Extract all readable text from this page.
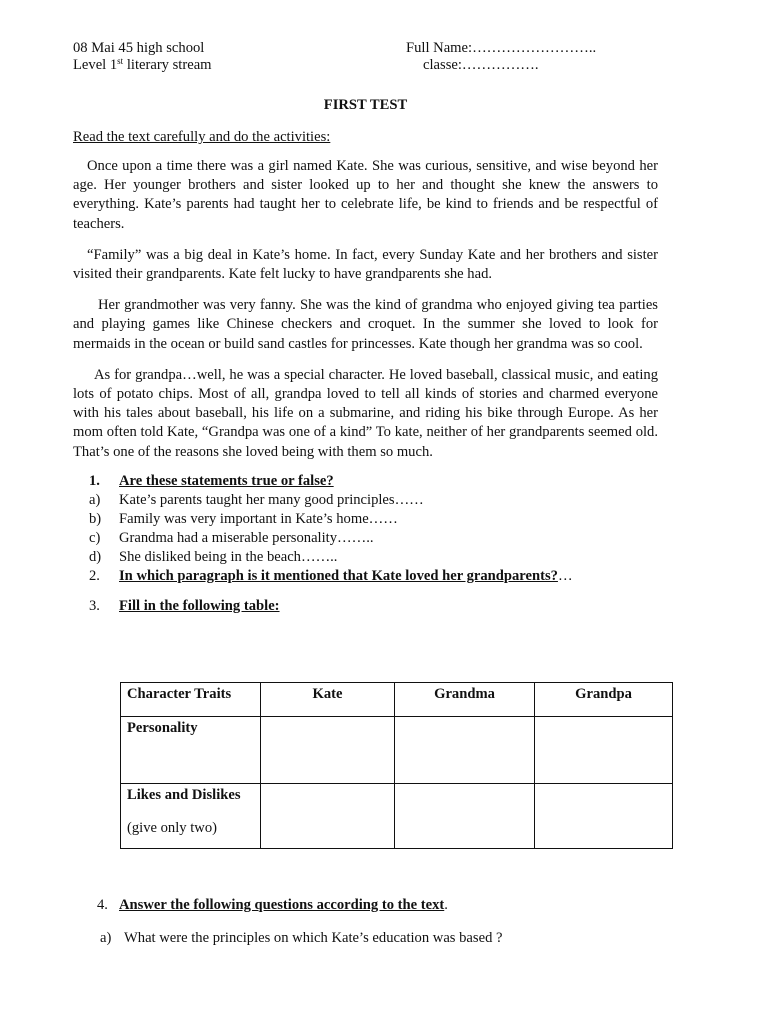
08 Mai 45 high school	Full Name:……………………..
Level 1st literary stream	classe:…………….
FIRST TEST
Read the text carefully and do the activities:

Once upon a time there was a girl named Kate. She was curious, sensitive, and wise beyond her age. Her younger brothers and sister looked up to her and thought she knew the answers to everything. Kate’s parents had taught her to celebrate life, be kind to friends and be respectful of teachers.

“Family” was a big deal in Kate’s home. In fact, every Sunday Kate and her brothers and sister visited their grandparents. Kate felt lucky to have grandparents she had.

Her grandmother was very fanny. She was the kind of grandma who enjoyed giving tea parties and playing games like Chinese checkers and croquet. In the summer she loved to look for mermaids in the ocean or build sand castles for princesses. Kate though her grandma was so cool.

As for grandpa…well, he was a special character. He loved baseball, classical music, and eating lots of potato chips. Most of all, grandpa loved to tell all kinds of stories and charmed everyone with his tales about baseball, his life on a submarine, and riding his bike through Europe. As her mom often told Kate, “Grandpa was one of a kind” To kate, neither of her grandparents seemed old. That’s one of the reasons she loved being with them so much.

1. Are these statements true or false?
a) Kate’s parents taught her many good principles……
b) Family was very important in Kate’s home……
c) Grandma had a miserable personality……..
d) She disliked being in the beach……..
2. In which paragraph is it mentioned that Kate loved her grandparents?…
3. Fill in the following table:
Character Traits	Kate	Grandma	Grandpa

Personality			

Likes and Dislikes
(give only two)			

4. Answer the following questions according to the text.
a) What were the principles on which Kate’s education was based ?
